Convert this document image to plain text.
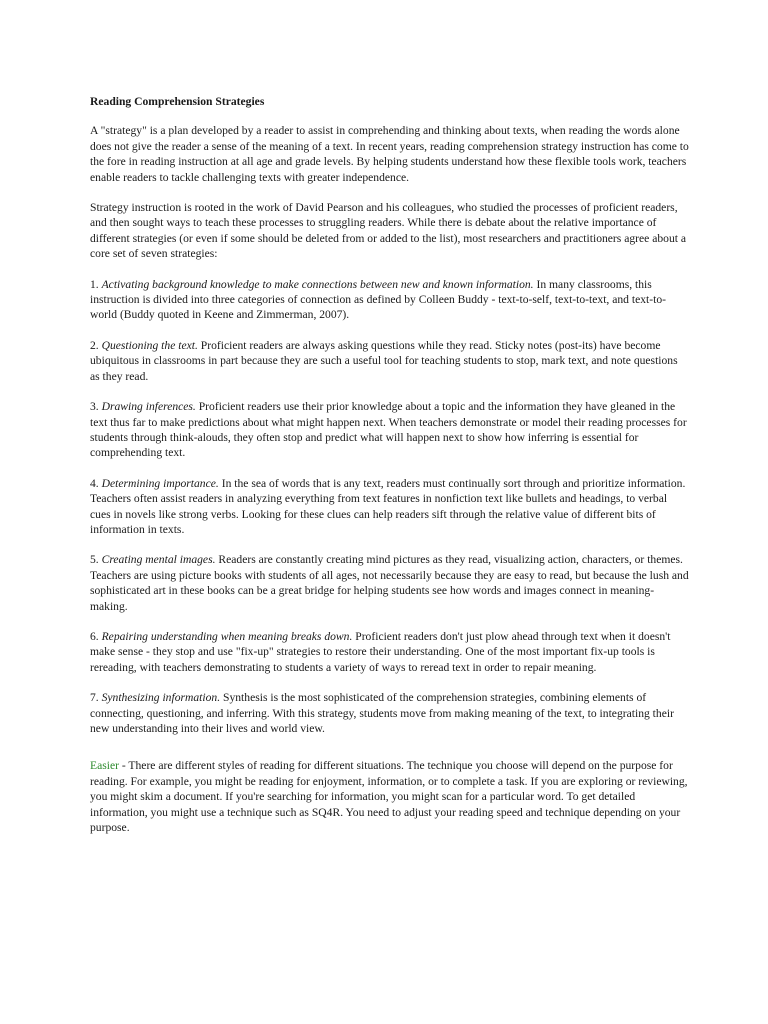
Reading Comprehension Strategies

A "strategy" is a plan developed by a reader to assist in comprehending and thinking about texts, when reading the words alone does not give the reader a sense of the meaning of a text. In recent years, reading comprehension strategy instruction has come to the fore in reading instruction at all age and grade levels. By helping students understand how these flexible tools work, teachers enable readers to tackle challenging texts with greater independence.

Strategy instruction is rooted in the work of David Pearson and his colleagues, who studied the processes of proficient readers, and then sought ways to teach these processes to struggling readers. While there is debate about the relative importance of different strategies (or even if some should be deleted from or added to the list), most researchers and practitioners agree about a core set of seven strategies:

1. Activating background knowledge to make connections between new and known information. In many classrooms, this instruction is divided into three categories of connection as defined by Colleen Buddy - text-to-self, text-to-text, and text-to-world (Buddy quoted in Keene and Zimmerman, 2007).

2. Questioning the text. Proficient readers are always asking questions while they read. Sticky notes (post-its) have become ubiquitous in classrooms in part because they are such a useful tool for teaching students to stop, mark text, and note questions as they read.

3. Drawing inferences. Proficient readers use their prior knowledge about a topic and the information they have gleaned in the text thus far to make predictions about what might happen next. When teachers demonstrate or model their reading processes for students through think-alouds, they often stop and predict what will happen next to show how inferring is essential for comprehending text.

4. Determining importance. In the sea of words that is any text, readers must continually sort through and prioritize information. Teachers often assist readers in analyzing everything from text features in nonfiction text like bullets and headings, to verbal cues in novels like strong verbs. Looking for these clues can help readers sift through the relative value of different bits of information in texts.

5. Creating mental images. Readers are constantly creating mind pictures as they read, visualizing action, characters, or themes. Teachers are using picture books with students of all ages, not necessarily because they are easy to read, but because the lush and sophisticated art in these books can be a great bridge for helping students see how words and images connect in meaning-making.

6. Repairing understanding when meaning breaks down. Proficient readers don't just plow ahead through text when it doesn't make sense - they stop and use "fix-up" strategies to restore their understanding. One of the most important fix-up tools is rereading, with teachers demonstrating to students a variety of ways to reread text in order to repair meaning.

7. Synthesizing information. Synthesis is the most sophisticated of the comprehension strategies, combining elements of connecting, questioning, and inferring. With this strategy, students move from making meaning of the text, to integrating their new understanding into their lives and world view.

Easier - There are different styles of reading for different situations. The technique you choose will depend on the purpose for reading. For example, you might be reading for enjoyment, information, or to complete a task. If you are exploring or reviewing, you might skim a document. If you're searching for information, you might scan for a particular word. To get detailed information, you might use a technique such as SQ4R. You need to adjust your reading speed and technique depending on your purpose.
